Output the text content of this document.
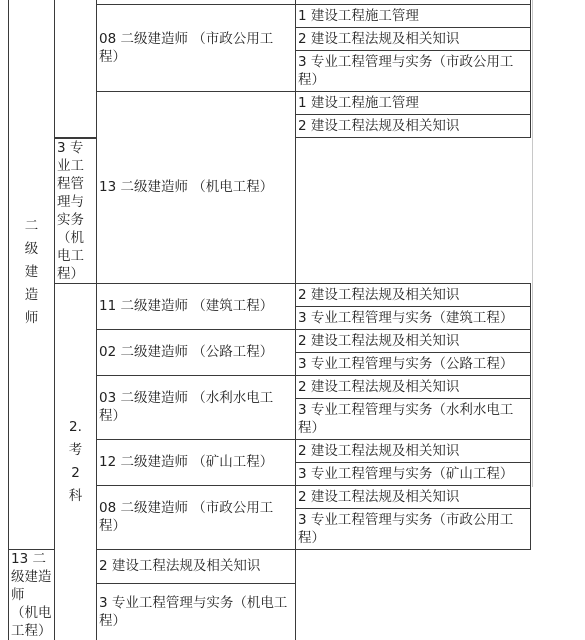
二级建造师			
		08 二级建造师 （市政公用工程）	1 建设工程施工管理
			2 建设工程法规及相关知识
			3 专业工程管理与实务（市政公用工程）
		13 二级建造师 （机电工程）	1 建设工程施工管理
			2 建设工程法规及相关知识
	3 专业工程管理与实务（机电工程）		
	2.考2科	11 二级建造师 （建筑工程）	2 建设工程法规及相关知识
			3 专业工程管理与实务（建筑工程）
		02 二级建造师 （公路工程）	2 建设工程法规及相关知识
			3 专业工程管理与实务（公路工程）
		03 二级建造师 （水利水电工程）	2 建设工程法规及相关知识
			3 专业工程管理与实务（水利水电工程）
		12 二级建造师 （矿山工程）	2 建设工程法规及相关知识
			3 专业工程管理与实务（矿山工程）
		08 二级建造师 （市政公用工程）	2 建设工程法规及相关知识
			3 专业工程管理与实务（市政公用工程）
13 二级建造师 （机电工程）		2 建设工程法规及相关知识	
		3 专业工程管理与实务（机电工程）	
